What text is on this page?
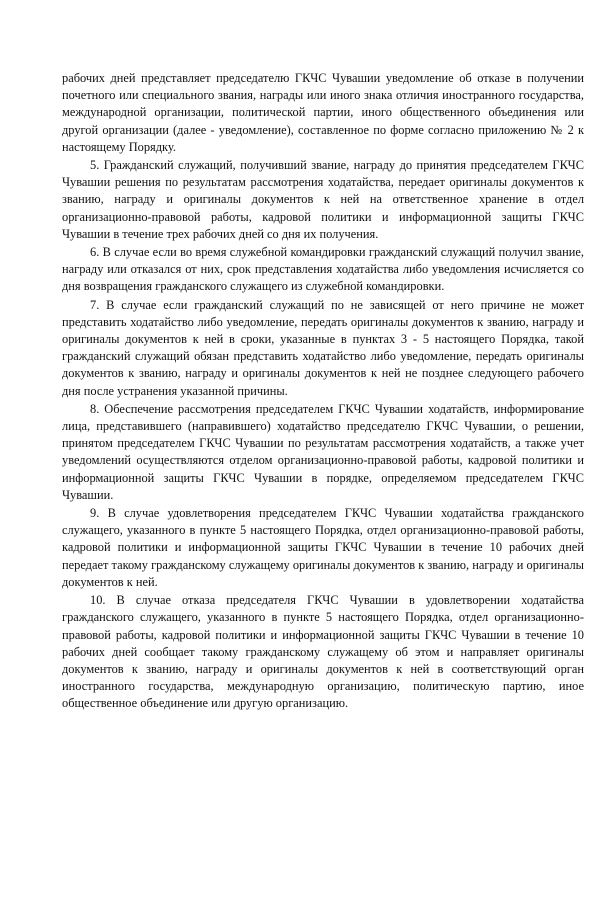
рабочих дней представляет председателю ГКЧС Чувашии уведомление об отказе в получении почетного или специального звания, награды или иного знака отличия иностранного государства, международной организации, политической партии, иного общественного объединения или другой организации (далее - уведомление), составленное по форме согласно приложению № 2 к настоящему Порядку.

5. Гражданский служащий, получивший звание, награду до принятия председателем ГКЧС Чувашии решения по результатам рассмотрения ходатайства, передает оригиналы документов к званию, награду и оригиналы документов к ней на ответственное хранение в отдел организационно-правовой работы, кадровой политики и информационной защиты ГКЧС Чувашии в течение трех рабочих дней со дня их получения.

6. В случае если во время служебной командировки гражданский служащий получил звание, награду или отказался от них, срок представления ходатайства либо уведомления исчисляется со дня возвращения гражданского служащего из служебной командировки.

7. В случае если гражданский служащий по не зависящей от него причине не может представить ходатайство либо уведомление, передать оригиналы документов к званию, награду и оригиналы документов к ней в сроки, указанные в пунктах 3 - 5 настоящего Порядка, такой гражданский служащий обязан представить ходатайство либо уведомление, передать оригиналы документов к званию, награду и оригиналы документов к ней не позднее следующего рабочего дня после устранения указанной причины.

8. Обеспечение рассмотрения председателем ГКЧС Чувашии ходатайств, информирование лица, представившего (направившего) ходатайство председателю ГКЧС Чувашии, о решении, принятом председателем ГКЧС Чувашии по результатам рассмотрения ходатайств, а также учет уведомлений осуществляются отделом организационно-правовой работы, кадровой политики и информационной защиты ГКЧС Чувашии в порядке, определяемом председателем ГКЧС Чувашии.

9. В случае удовлетворения председателем ГКЧС Чувашии ходатайства гражданского служащего, указанного в пункте 5 настоящего Порядка, отдел организационно-правовой работы, кадровой политики и информационной защиты ГКЧС Чувашии в течение 10 рабочих дней передает такому гражданскому служащему оригиналы документов к званию, награду и оригиналы документов к ней.

10. В случае отказа председателя ГКЧС Чувашии в удовлетворении ходатайства гражданского служащего, указанного в пункте 5 настоящего Порядка, отдел организационно-правовой работы, кадровой политики и информационной защиты ГКЧС Чувашии в течение 10 рабочих дней сообщает такому гражданскому служащему об этом и направляет оригиналы документов к званию, награду и оригиналы документов к ней в соответствующий орган иностранного государства, международную организацию, политическую партию, иное общественное объединение или другую организацию.
